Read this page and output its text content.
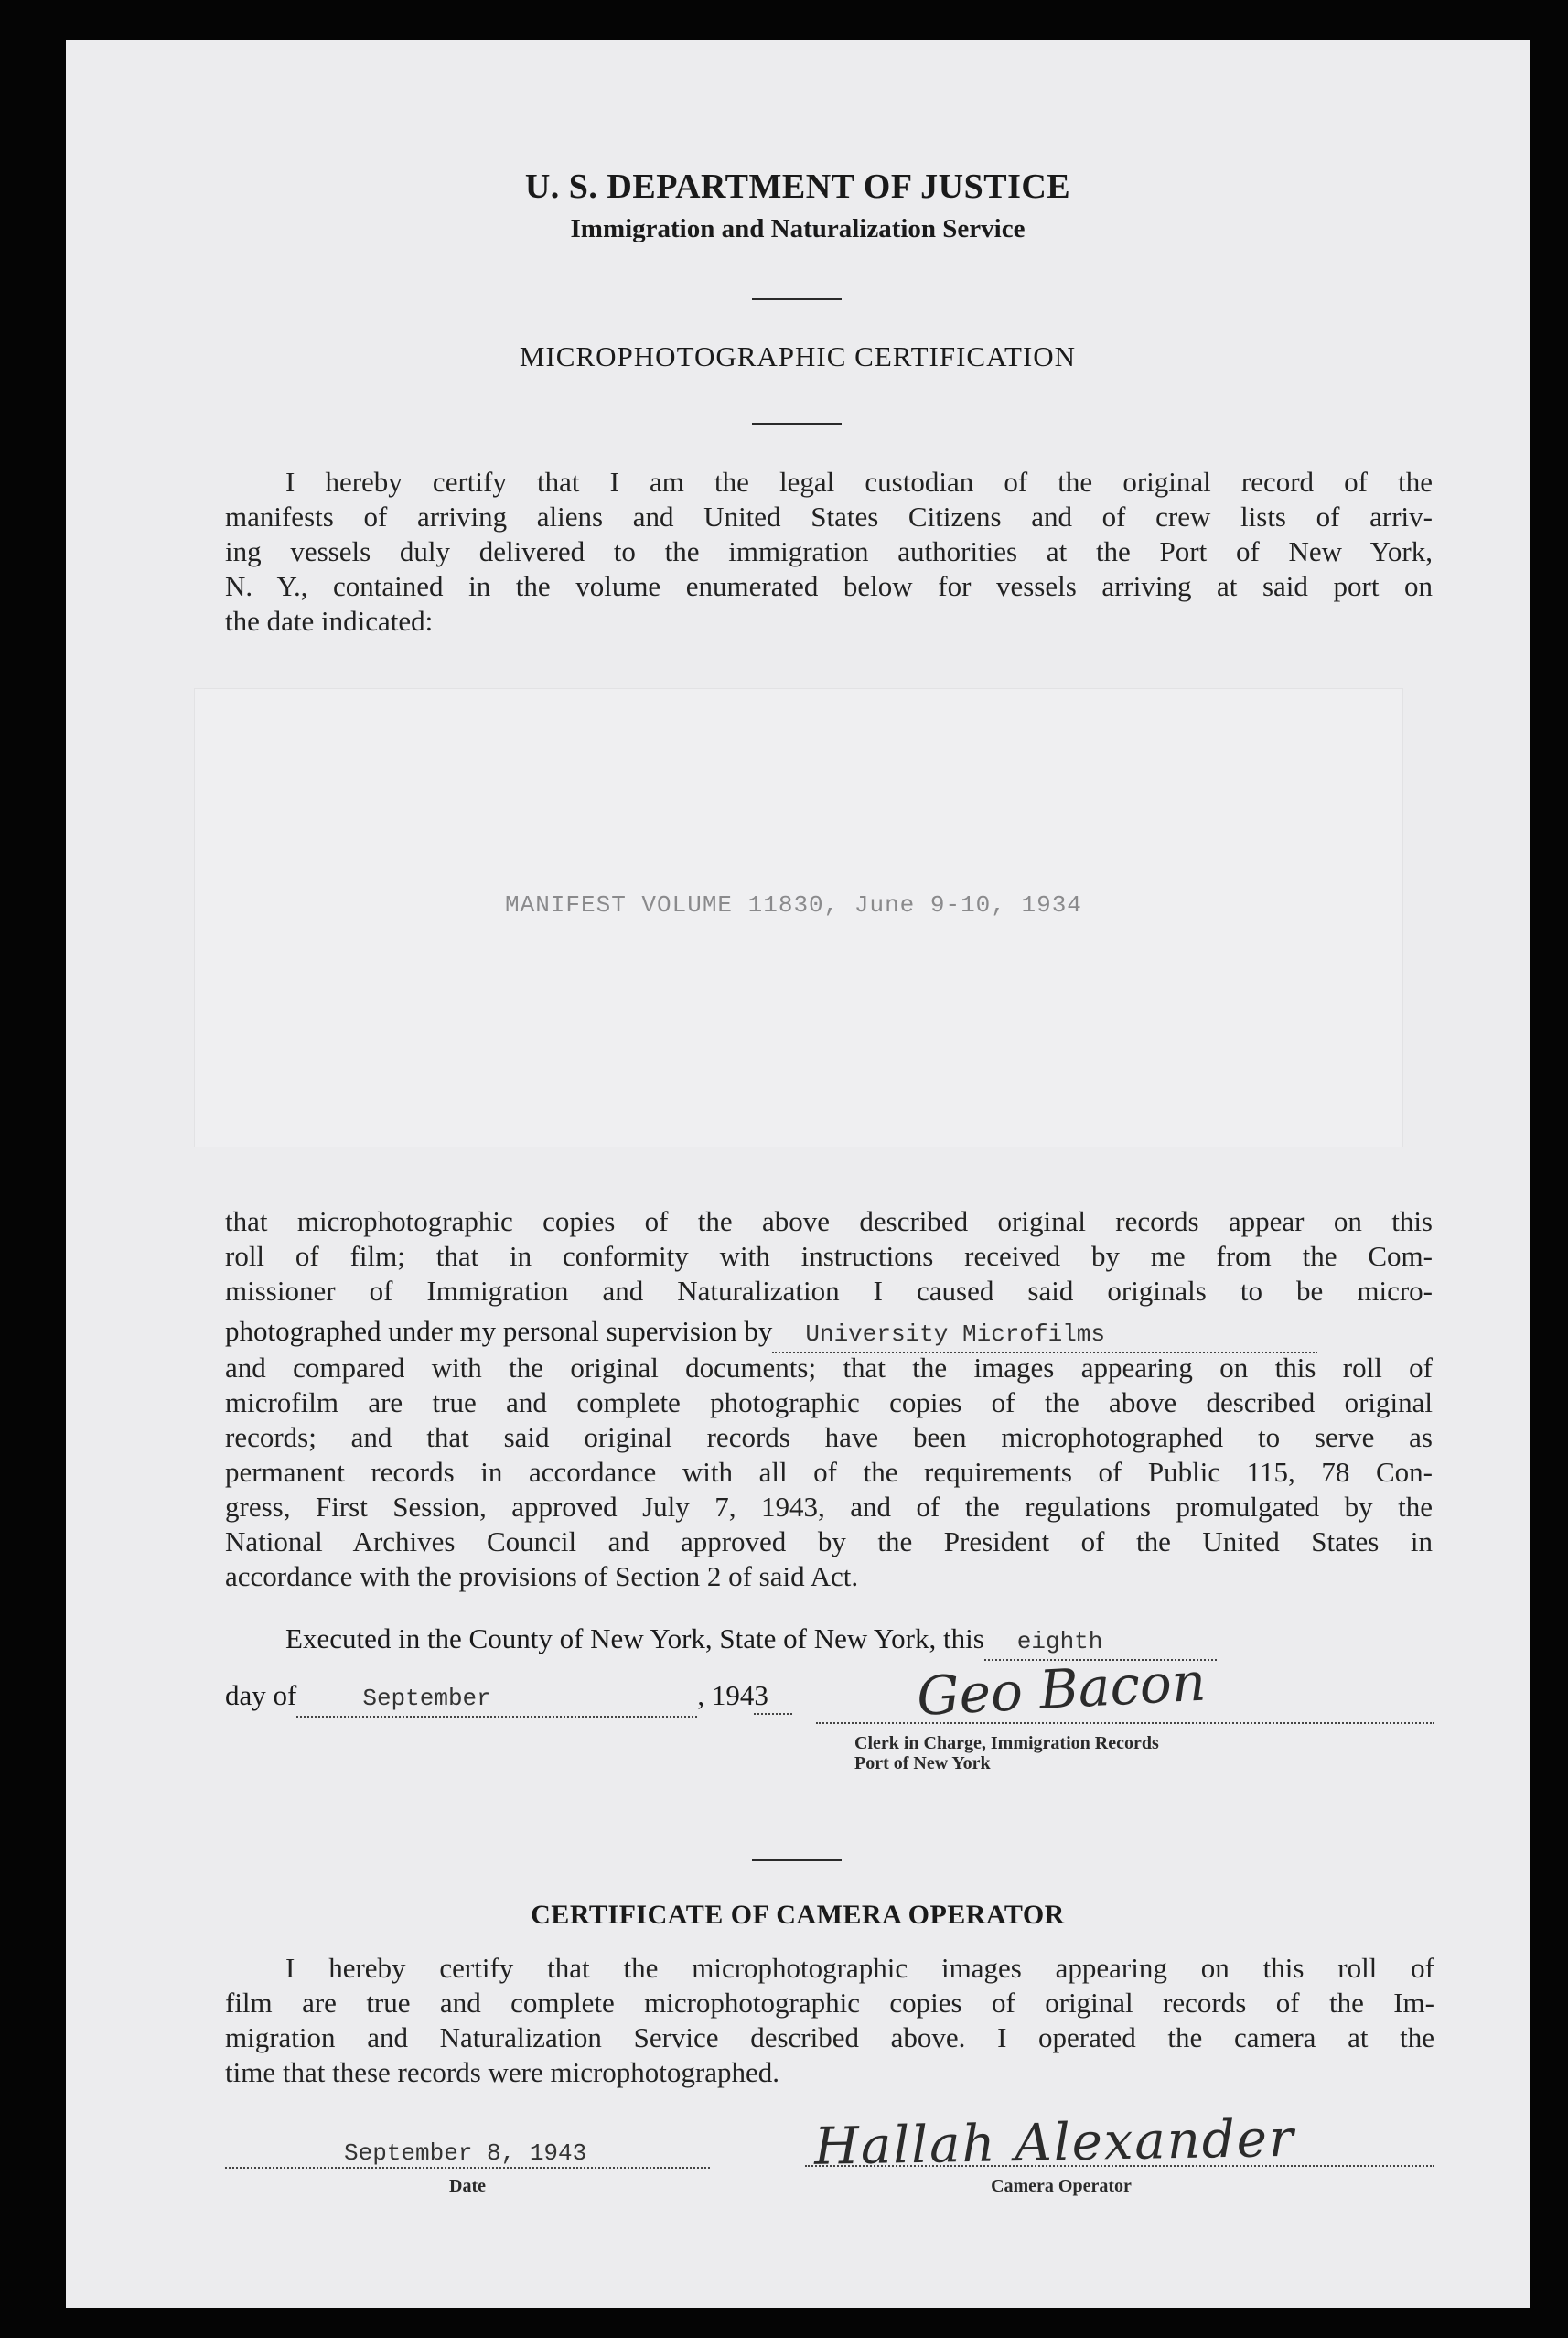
U. S. DEPARTMENT OF JUSTICE
Immigration and Naturalization Service
MICROPHOTOGRAPHIC CERTIFICATION
I hereby certify that I am the legal custodian of the original record of the
manifests of arriving aliens and United States Citizens and of crew lists of arriv-
ing vessels duly delivered to the immigration authorities at the Port of New York,
N. Y., contained in the volume enumerated below for vessels arriving at said port on
the date indicated:
MANIFEST VOLUME 11830, June 9-10, 1934
that microphotographic copies of the above described original records appear on this
roll of film; that in conformity with instructions received by me from the Com-
missioner of Immigration and Naturalization I caused said originals to be micro-
photographed under my personal supervision by University Microfilms
and compared with the original documents; that the images appearing on this roll of
microfilm are true and complete photographic copies of the above described original
records; and that said original records have been microphotographed to serve as
permanent records in accordance with all of the requirements of Public 115, 78 Con-
gress, First Session, approved July 7, 1943, and of the regulations promulgated by the
National Archives Council and approved by the President of the United States in
accordance with the provisions of Section 2 of said Act.
Executed in the County of New York, State of New York, this eighth
day of	September	, 1943	Geo Bacon
Clerk in Charge, Immigration Records
Port of New York
CERTIFICATE OF CAMERA OPERATOR
I hereby certify that the microphotographic images appearing on this roll of
film are true and complete microphotographic copies of original records of the Im-
migration and Naturalization Service described above. I operated the camera at the
time that these records were microphotographed.
September 8, 1943
Date
Hallah Alexander
Camera Operator
